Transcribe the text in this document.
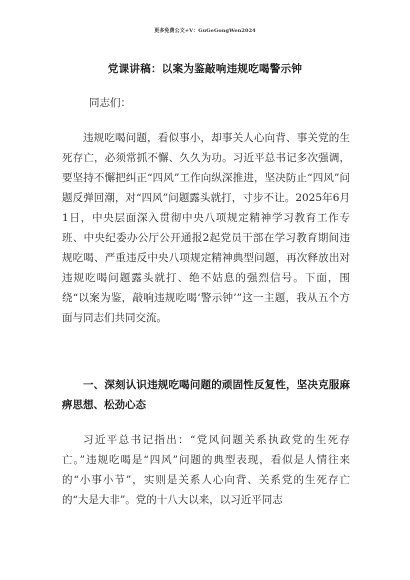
更多免费公文+V：GuGeGongWen2024
党课讲稿：以案为鉴敲响违规吃喝警示钟
同志们：

违规吃喝问题，看似事小，却事关人心向背、事关党的生死存亡，必须常抓不懈、久久为功。习近平总书记多次强调，要坚持不懈把纠正“四风”工作向纵深推进，坚决防止“四风”问题反弹回潮，对“四风”问题露头就打，寸步不让。2025年6月1日，中央层面深入贯彻中央八项规定精神学习教育工作专班、中央纪委办公厅公开通报2起党员干部在学习教育期间违规吃喝、严重违反中央八项规定精神典型问题，再次释放出对违规吃喝问题露头就打、绝不姑息的强烈信号。下面，围绕“以案为鉴，敲响违规吃喝‘警示钟’”这一主题，我从五个方面与同志们共同交流。

一、深刻认识违规吃喝问题的顽固性反复性，坚决克服麻痹思想、松劲心态

习近平总书记指出：“党风问题关系执政党的生死存亡。”违规吃喝是“四风”问题的典型表现，看似是人情往来的“小事小节”，实则是关系人心向背、关系党的生死存亡的“大是大非”。党的十八大以来，以习近平同志
